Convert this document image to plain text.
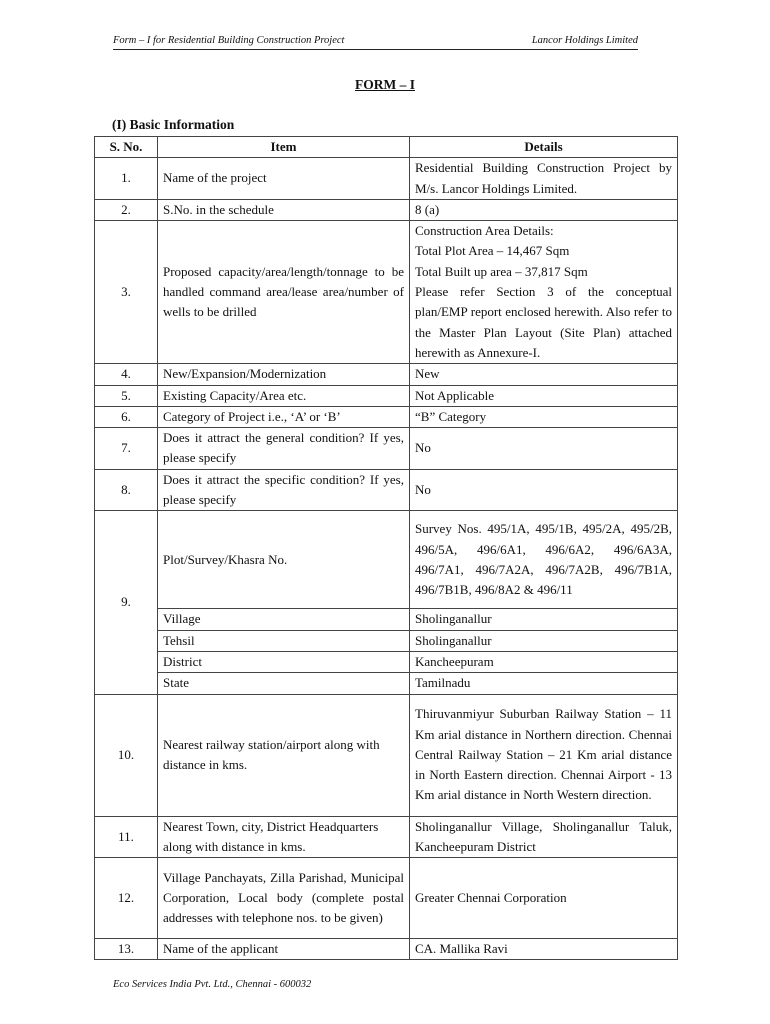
Form – I for Residential Building Construction Project	Lancor Holdings Limited
FORM – I
(I) Basic Information
S. No.	Item	Details
1.	Name of the project	Residential Building Construction Project by M/s. Lancor Holdings Limited.
2.	S.No. in the schedule	8 (a)
3.	Proposed capacity/area/length/tonnage to be handled command area/lease area/number of wells to be drilled	Construction Area Details:
Total Plot Area – 14,467 Sqm
Total Built up area – 37,817 Sqm
Please refer Section 3 of the conceptual plan/EMP report enclosed herewith. Also refer to the Master Plan Layout (Site Plan) attached herewith as Annexure-I.

4.	New/Expansion/Modernization	New
5.	Existing Capacity/Area etc.	Not Applicable
6.	Category of Project i.e., ‘A’ or ‘B’	“B” Category
7.	Does it attract the general condition? If yes, please specify	No
8.	Does it attract the specific condition? If yes, please specify	No
9.	Plot/Survey/Khasra No.	Survey Nos. 495/1A, 495/1B, 495/2A, 495/2B, 496/5A, 496/6A1, 496/6A2, 496/6A3A, 496/7A1, 496/7A2A, 496/7A2B, 496/7B1A, 496/7B1B, 496/8A2 & 496/11
	Village	Sholinganallur
	Tehsil	Sholinganallur
	District	Kancheepuram
	State	Tamilnadu
10.	Nearest railway station/airport along with distance in kms.	Thiruvanmiyur Suburban Railway Station – 11 Km arial distance in Northern direction. Chennai Central Railway Station – 21 Km arial distance in North Eastern direction. Chennai Airport - 13 Km arial distance in North Western direction.
11.	Nearest Town, city, District Headquarters along with distance in kms.	Sholinganallur Village, Sholinganallur Taluk, Kancheepuram District
12.	Village Panchayats, Zilla Parishad, Municipal Corporation, Local body (complete postal addresses with telephone nos. to be given)	Greater Chennai Corporation
13.	Name of the applicant	CA. Mallika Ravi
Eco Services India Pvt. Ltd., Chennai - 600032
